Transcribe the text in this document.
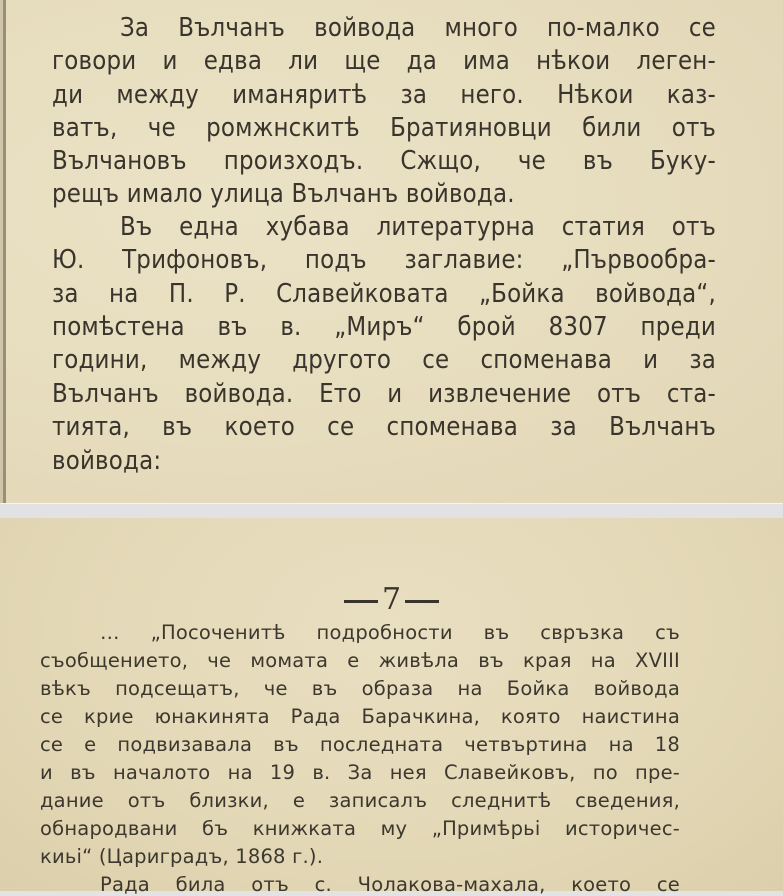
За Вълчанъ войвода много по-малко се
говори и едва ли ще да има нѣкои леген-
ди между иманяритѣ за него. Нѣкои каз-
ватъ, че ромжнскитѣ Братияновци били отъ
Вълчановъ произходъ. Сжщо, че въ Буку-
рещъ имало улица Вълчанъ войвода.
Въ една хубава литературна статия отъ
Ю. Трифоновъ, подъ заглавие: „Първообра-
за на П. Р. Славейковата „Бойка войвода“,
помѣстена въ в. „Миръ“ брой 8307 преди
години, между другото се споменава и за
Вълчанъ войвода. Ето и извлечение отъ ста-
тията, въ което се споменава за Вълчанъ
войвода:
7
… „Посоченитѣ подробности въ свръзка съ
съобщението, че момата е живѣла въ края на XVIII
вѣкъ подсещатъ, че въ образа на Бойка войвода
се крие юнакинята Рада Барачкина, която наистина
се е подвизавала въ последната четвъртина на 18
и въ началото на 19 в. За нея Славейковъ, по пре-
дание отъ близки, е записалъ следнитѣ сведения,
обнародвани бъ книжката му „Примѣрьі историчес-
киьі“ (Цариградъ, 1868 г.).
Рада била отъ с. Чолакова-махала, което се
